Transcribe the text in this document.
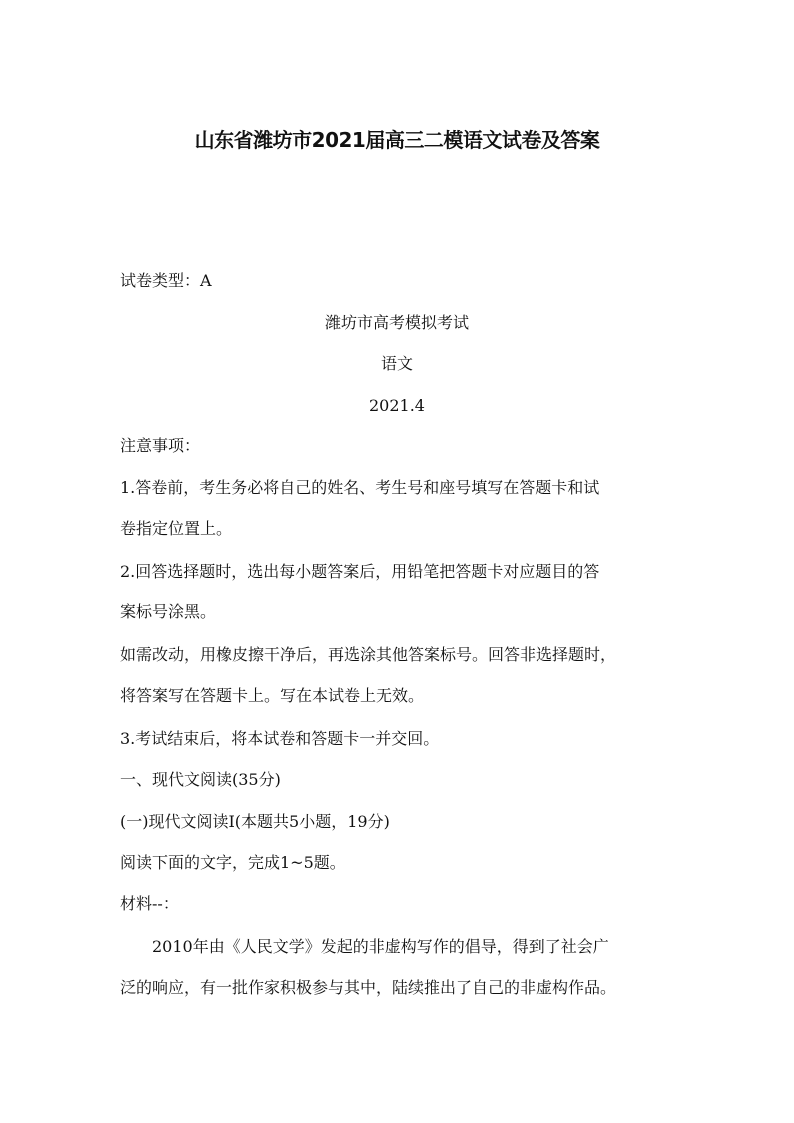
山东省潍坊市2021届高三二模语文试卷及答案
试卷类型：A
潍坊市高考模拟考试
语文
2021.4
注意事项：
1.答卷前，考生务必将自己的姓名、考生号和座号填写在答题卡和试
卷指定位置上。
2.回答选择题时，选出每小题答案后，用铅笔把答题卡对应题目的答
案标号涂黑。
如需改动，用橡皮擦干净后，再选涂其他答案标号。回答非选择题时，
将答案写在答题卡上。写在本试卷上无效。
3.考试结束后，将本试卷和答题卡一并交回。
一、现代文阅读(35分)
(一)现代文阅读Ⅰ(本题共5小题，19分)
阅读下面的文字，完成1~5题。
材料--：
2010年由《人民文学》发起的非虚构写作的倡导，得到了社会广
泛的响应，有一批作家积极参与其中，陆续推出了自己的非虚构作品。
